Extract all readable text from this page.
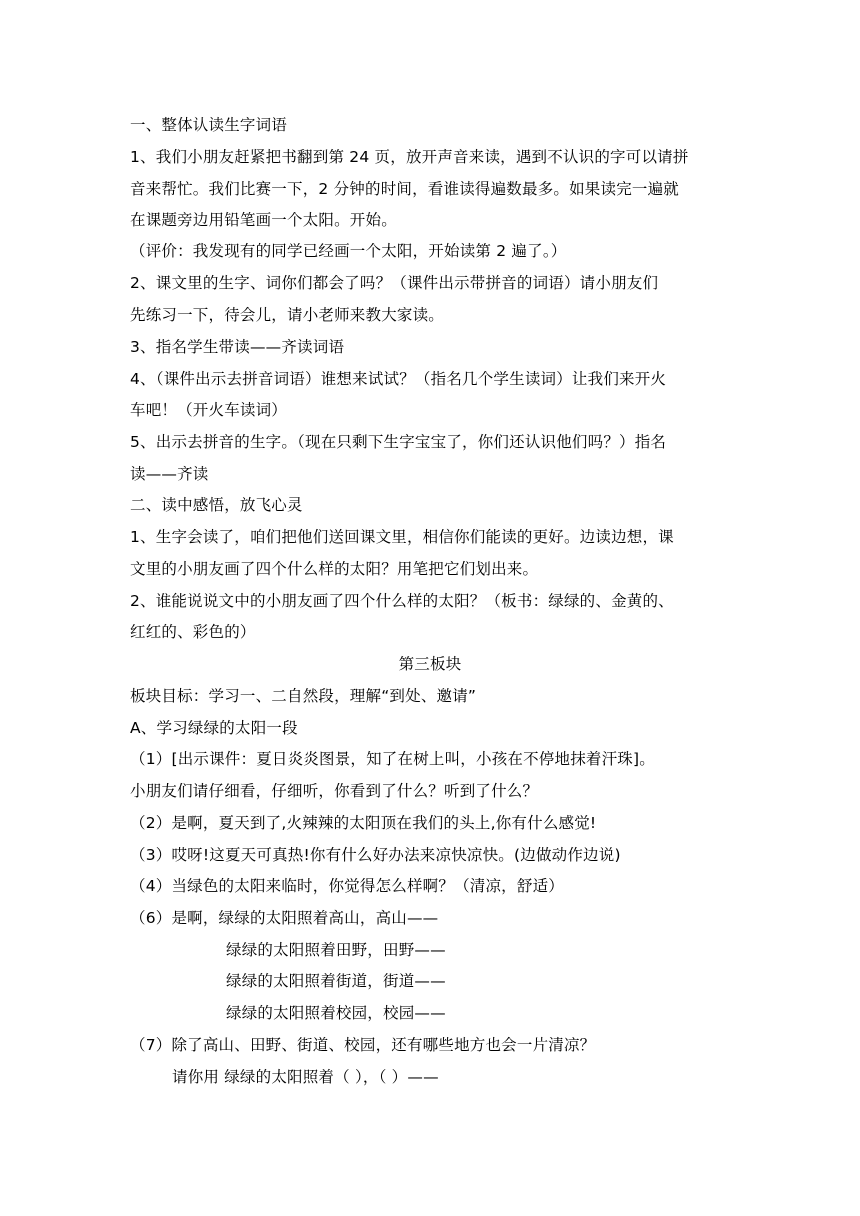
一、整体认读生字词语
1、我们小朋友赶紧把书翻到第 24 页，放开声音来读，遇到不认识的字可以请拼
音来帮忙。我们比赛一下，2 分钟的时间，看谁读得遍数最多。如果读完一遍就
在课题旁边用铅笔画一个太阳。开始。
（评价：我发现有的同学已经画一个太阳，开始读第 2 遍了。）
2、课文里的生字、词你们都会了吗？（课件出示带拼音的词语）请小朋友们
先练习一下，待会儿，请小老师来教大家读。
3、指名学生带读——齐读词语
4、（课件出示去拼音词语）谁想来试试？（指名几个学生读词）让我们来开火
车吧！（开火车读词）
5、出示去拼音的生字。（现在只剩下生字宝宝了，你们还认识他们吗？）指名
读——齐读
二、读中感悟，放飞心灵
1、生字会读了，咱们把他们送回课文里，相信你们能读的更好。边读边想，课
文里的小朋友画了四个什么样的太阳？用笔把它们划出来。
2、谁能说说文中的小朋友画了四个什么样的太阳？（板书：绿绿的、金黄的、
红红的、彩色的）
第三板块
板块目标：学习一、二自然段，理解“到处、邀请”
A、学习绿绿的太阳一段
（1）[出示课件：夏日炎炎图景，知了在树上叫，小孩在不停地抹着汗珠]。
小朋友们请仔细看，仔细听，你看到了什么？听到了什么？
（2）是啊，夏天到了,火辣辣的太阳顶在我们的头上,你有什么感觉!
（3）哎呀!这夏天可真热!你有什么好办法来凉快凉快。(边做动作边说)
（4）当绿色的太阳来临时，你觉得怎么样啊？（清凉，舒适）
（6）是啊，绿绿的太阳照着高山，高山——
绿绿的太阳照着田野，田野——
绿绿的太阳照着街道，街道——
绿绿的太阳照着校园，校园——
（7）除了高山、田野、街道、校园，还有哪些地方也会一片清凉？
请你用 绿绿的太阳照着（ ），（ ）——
